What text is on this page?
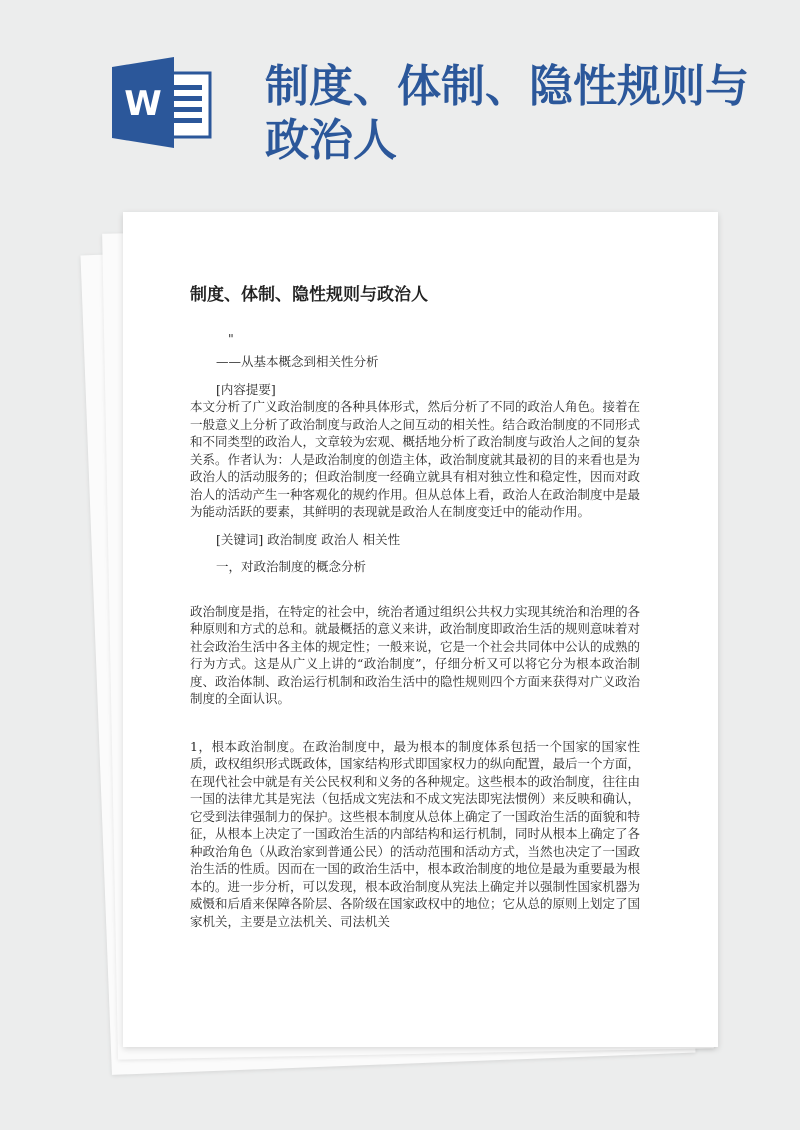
W 制度、体制、隐性规则与政治人
制度、体制、隐性规则与政治人

"

——从基本概念到相关性分析

[内容提要]

本文分析了广义政治制度的各种具体形式，然后分析了不同的政治人角色。接着在一般意义上分析了政治制度与政治人之间互动的相关性。结合政治制度的不同形式和不同类型的政治人，文章较为宏观、概括地分析了政治制度与政治人之间的复杂关系。作者认为：人是政治制度的创造主体，政治制度就其最初的目的来看也是为政治人的活动服务的；但政治制度一经确立就具有相对独立性和稳定性，因而对政治人的活动产生一种客观化的规约作用。但从总体上看，政治人在政治制度中是最为能动活跃的要素，其鲜明的表现就是政治人在制度变迁中的能动作用。

[关键词] 政治制度 政治人 相关性

一，对政治制度的概念分析

政治制度是指，在特定的社会中，统治者通过组织公共权力实现其统治和治理的各种原则和方式的总和。就最概括的意义来讲，政治制度即政治生活的规则意味着对社会政治生活中各主体的规定性；一般来说，它是一个社会共同体中公认的成熟的行为方式。这是从广义上讲的“政治制度”，仔细分析又可以将它分为根本政治制度、政治体制、政治运行机制和政治生活中的隐性规则四个方面来获得对广义政治制度的全面认识。

1，根本政治制度。在政治制度中，最为根本的制度体系包括一个国家的国家性质，政权组织形式既政体，国家结构形式即国家权力的纵向配置，最后一个方面，在现代社会中就是有关公民权利和义务的各种规定。这些根本的政治制度，往往由一国的法律尤其是宪法（包括成文宪法和不成文宪法即宪法惯例）来反映和确认，它受到法律强制力的保护。这些根本制度从总体上确定了一国政治生活的面貌和特征，从根本上决定了一国政治生活的内部结构和运行机制，同时从根本上确定了各种政治角色（从政治家到普通公民）的活动范围和活动方式，当然也决定了一国政治生活的性质。因而在一国的政治生活中，根本政治制度的地位是最为重要最为根本的。进一步分析，可以发现，根本政治制度从宪法上确定并以强制性国家机器为威慑和后盾来保障各阶层、各阶级在国家政权中的地位；它从总的原则上划定了国家机关，主要是立法机关、司法机关
